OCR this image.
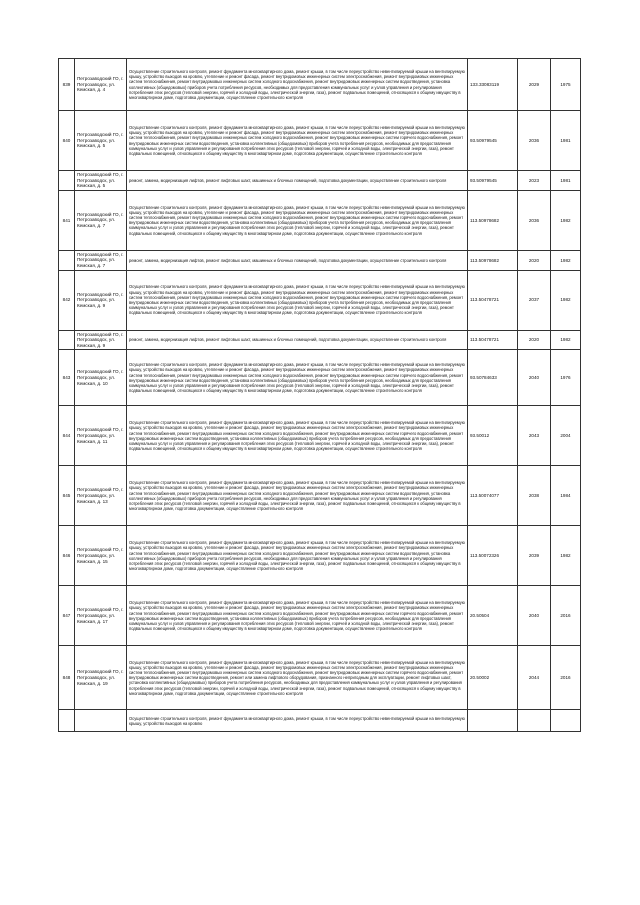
839	Петрозаводский ГО, г. Петрозаводск, ул. Кемская, д. 4	Осуществление строительного контроля, ремонт фундамента многоквартирного дома, ремонт крыши, в том числе переустройство невентилируемой крыши на вентилируемую крышу, устройство выходов на кровлю, утепление и ремонт фасада, ремонт внутридомовых инженерных систем электроснабжения, ремонт внутридомовых инженерных систем теплоснабжения, ремонт внутридомовых инженерных систем холодного водоснабжения, ремонт внутридомовых инженерных систем водоотведения, установка коллективных (общедомовых) приборов учета потребления ресурсов, необходимых для предоставления коммунальных услуг и узлов управления и регулирования потребления этих ресурсов (тепловой энергии, горячей и холодной воды, электрической энергии, газа), ремонт подвальных помещений, относящихся к общему имуществу в многоквартирном доме, подготовка документации, осуществление строительного контроля	133.33083119	2029	1975
840	Петрозаводский ГО, г. Петрозаводск, ул. Кемская, д. 5	Осуществление строительного контроля, ремонт фундамента многоквартирного дома, ремонт крыши, в том числе переустройство невентилируемой крыши на вентилируемую крышу, устройство выходов на кровлю, утепление и ремонт фасада, ремонт внутридомовых инженерных систем электроснабжения, ремонт внутридомовых инженерных систем теплоснабжения, ремонт внутридомовых инженерных систем холодного водоснабжения, ремонт внутридомовых инженерных систем горячего водоснабжения, ремонт внутридомовых инженерных систем водоотведения, установка коллективных (общедомовых) приборов учета потребления ресурсов, необходимых для предоставления коммунальных услуг и узлов управления и регулирования потребления этих ресурсов (тепловой энергии, горячей и холодной воды, электрической энергии, газа), ремонт подвальных помещений, относящихся к общему имуществу в многоквартирном доме, подготовка документации, осуществление строительного контроля	93.50979545	2036	1981
	Петрозаводский ГО, г. Петрозаводск, ул. Кемская, д. 5	ремонт, замена, модернизация лифтов, ремонт лифтовых шахт, машинных и блочных помещений, подготовка документации, осуществление строительного контроля	93.50979545	2023	1981
841	Петрозаводский ГО, г. Петрозаводск, ул. Кемская, д. 7	Осуществление строительного контроля, ремонт фундамента многоквартирного дома, ремонт крыши, в том числе переустройство невентилируемой крыши на вентилируемую крышу, устройство выходов на кровлю, утепление и ремонт фасада, ремонт внутридомовых инженерных систем электроснабжения, ремонт внутридомовых инженерных систем теплоснабжения, ремонт внутридомовых инженерных систем холодного водоснабжения, ремонт внутридомовых инженерных систем горячего водоснабжения, ремонт внутридомовых инженерных систем водоотведения, установка коллективных (общедомовых) приборов учета потребления ресурсов, необходимых для предоставления коммунальных услуг и узлов управления и регулирования потребления этих ресурсов (тепловой энергии, горячей и холодной воды, электрической энергии, газа), ремонт подвальных помещений, относящихся к общему имуществу в многоквартирном доме, подготовка документации, осуществление строительного контроля	113.50978682	2036	1982
	Петрозаводский ГО, г. Петрозаводск, ул. Кемская, д. 7	ремонт, замена, модернизация лифтов, ремонт лифтовых шахт, машинных и блочных помещений, подготовка документации, осуществление строительного контроля	113.50978682	2020	1982
842	Петрозаводский ГО, г. Петрозаводск, ул. Кемская, д. 9	Осуществление строительного контроля, ремонт фундамента многоквартирного дома, ремонт крыши, в том числе переустройство невентилируемой крыши на вентилируемую крышу, устройство выходов на кровлю, утепление и ремонт фасада, ремонт внутридомовых инженерных систем электроснабжения, ремонт внутридомовых инженерных систем теплоснабжения, ремонт внутридомовых инженерных систем холодного водоснабжения, ремонт внутридомовых инженерных систем горячего водоснабжения, ремонт внутридомовых инженерных систем водоотведения, установка коллективных (общедомовых) приборов учета потребления ресурсов, необходимых для предоставления коммунальных услуг и узлов управления и регулирования потребления этих ресурсов (тепловой энергии, горячей и холодной воды, электрической энергии, газа), ремонт подвальных помещений, относящихся к общему имуществу в многоквартирном доме, подготовка документации, осуществление строительного контроля	113.50478721	2037	1982
	Петрозаводский ГО, г. Петрозаводск, ул. Кемская, д. 9	ремонт, замена, модернизация лифтов, ремонт лифтовых шахт, машинных и блочных помещений, подготовка документации, осуществление строительного контроля	113.50478721	2020	1982
843	Петрозаводский ГО, г. Петрозаводск, ул. Кемская, д. 10	Осуществление строительного контроля, ремонт фундамента многоквартирного дома, ремонт крыши, в том числе переустройство невентилируемой крыши на вентилируемую крышу, устройство выходов на кровлю, утепление и ремонт фасада, ремонт внутридомовых инженерных систем электроснабжения, ремонт внутридомовых инженерных систем теплоснабжения, ремонт внутридомовых инженерных систем холодного водоснабжения, ремонт внутридомовых инженерных систем горячего водоснабжения, ремонт внутридомовых инженерных систем водоотведения, установка коллективных (общедомовых) приборов учета потребления ресурсов, необходимых для предоставления коммунальных услуг и узлов управления и регулирования потребления этих ресурсов (тепловой энергии, горячей и холодной воды, электрической энергии, газа), ремонт подвальных помещений, относящихся к общему имуществу в многоквартирном доме, подготовка документации, осуществление строительного контроля	93.50784633	2040	1976
844	Петрозаводский ГО, г. Петрозаводск, ул. Кемская, д. 11	Осуществление строительного контроля, ремонт фундамента многоквартирного дома, ремонт крыши, в том числе переустройство невентилируемой крыши на вентилируемую крышу, устройство выходов на кровлю, утепление и ремонт фасада, ремонт внутридомовых инженерных систем электроснабжения, ремонт внутридомовых инженерных систем теплоснабжения, ремонт внутридомовых инженерных систем холодного водоснабжения, ремонт внутридомовых инженерных систем горячего водоснабжения, ремонт внутридомовых инженерных систем водоотведения, установка коллективных (общедомовых) приборов учета потребления ресурсов, необходимых для предоставления коммунальных услуг и узлов управления и регулирования потребления этих ресурсов (тепловой энергии, горячей и холодной воды, электрической энергии, газа), ремонт подвальных помещений, относящихся к общему имуществу в многоквартирном доме, подготовка документации, осуществление строительного контроля	93.50012	2043	2004
845	Петрозаводский ГО, г. Петрозаводск, ул. Кемская, д. 13	Осуществление строительного контроля, ремонт фундамента многоквартирного дома, ремонт крыши, в том числе переустройство невентилируемой крыши на вентилируемую крышу, устройство выходов на кровлю, утепление и ремонт фасада, ремонт внутридомовых инженерных систем электроснабжения, ремонт внутридомовых инженерных систем теплоснабжения, ремонт внутридомовых инженерных систем холодного водоснабжения, ремонт внутридомовых инженерных систем водоотведения, установка коллективных (общедомовых) приборов учета потребления ресурсов, необходимых для предоставления коммунальных услуг и узлов управления и регулирования потребления этих ресурсов (тепловой энергии, горячей и холодной воды, электрической энергии, газа), ремонт подвальных помещений, относящихся к общему имуществу в многоквартирном доме, подготовка документации, осуществление строительного контроля	113.50074077	2038	1984
846	Петрозаводский ГО, г. Петрозаводск, ул. Кемская, д. 15	Осуществление строительного контроля, ремонт фундамента многоквартирного дома, ремонт крыши, в том числе переустройство невентилируемой крыши на вентилируемую крышу, устройство выходов на кровлю, утепление и ремонт фасада, ремонт внутридомовых инженерных систем электроснабжения, ремонт внутридомовых инженерных систем теплоснабжения, ремонт внутридомовых инженерных систем холодного водоснабжения, ремонт внутридомовых инженерных систем водоотведения, установка коллективных (общедомовых) приборов учета потребления ресурсов, необходимых для предоставления коммунальных услуг и узлов управления и регулирования потребления этих ресурсов (тепловой энергии, горячей и холодной воды, электрической энергии, газа), ремонт подвальных помещений, относящихся к общему имуществу в многоквартирном доме, подготовка документации, осуществление строительного контроля	113.50072326	2039	1982
847	Петрозаводский ГО, г. Петрозаводск, ул. Кемская, д. 17	Осуществление строительного контроля, ремонт фундамента многоквартирного дома, ремонт крыши, в том числе переустройство невентилируемой крыши на вентилируемую крышу, устройство выходов на кровлю, утепление и ремонт фасада, ремонт внутридомовых инженерных систем электроснабжения, ремонт внутридомовых инженерных систем теплоснабжения, ремонт внутридомовых инженерных систем холодного водоснабжения, ремонт внутридомовых инженерных систем горячего водоснабжения, ремонт внутридомовых инженерных систем водоотведения, установка коллективных (общедомовых) приборов учета потребления ресурсов, необходимых для предоставления коммунальных услуг и узлов управления и регулирования потребления этих ресурсов (тепловой энергии, горячей и холодной воды, электрической энергии, газа), ремонт подвальных помещений, относящихся к общему имуществу в многоквартирном доме, подготовка документации, осуществление строительного контроля	20.50504	2040	2016
848	Петрозаводский ГО, г. Петрозаводск, ул. Кемская, д. 19	Осуществление строительного контроля, ремонт фундамента многоквартирного дома, ремонт крыши, в том числе переустройство невентилируемой крыши на вентилируемую крышу, устройство выходов на кровлю, утепление и ремонт фасада, ремонт внутридомовых инженерных систем электроснабжения, ремонт внутридомовых инженерных систем теплоснабжения, ремонт внутридомовых инженерных систем холодного водоснабжения, ремонт внутридомовых инженерных систем горячего водоснабжения, ремонт внутридомовых инженерных систем водоотведения, ремонт или замена лифтового оборудования, признанного непригодным для эксплуатации, ремонт лифтовых шахт, установка коллективных (общедомовых) приборов учета потребления ресурсов, необходимых для предоставления коммунальных услуг и узлов управления и регулирования потребления этих ресурсов (тепловой энергии, горячей и холодной воды, электрической энергии, газа), ремонт подвальных помещений, относящихся к общему имуществу в многоквартирном доме, подготовка документации, осуществление строительного контроля	20.50002	2044	2016
		Осуществление строительного контроля, ремонт фундамента многоквартирного дома, ремонт крыши, в том числе переустройство невентилируемой крыши на вентилируемую крышу, устройство выходов на кровлю			
